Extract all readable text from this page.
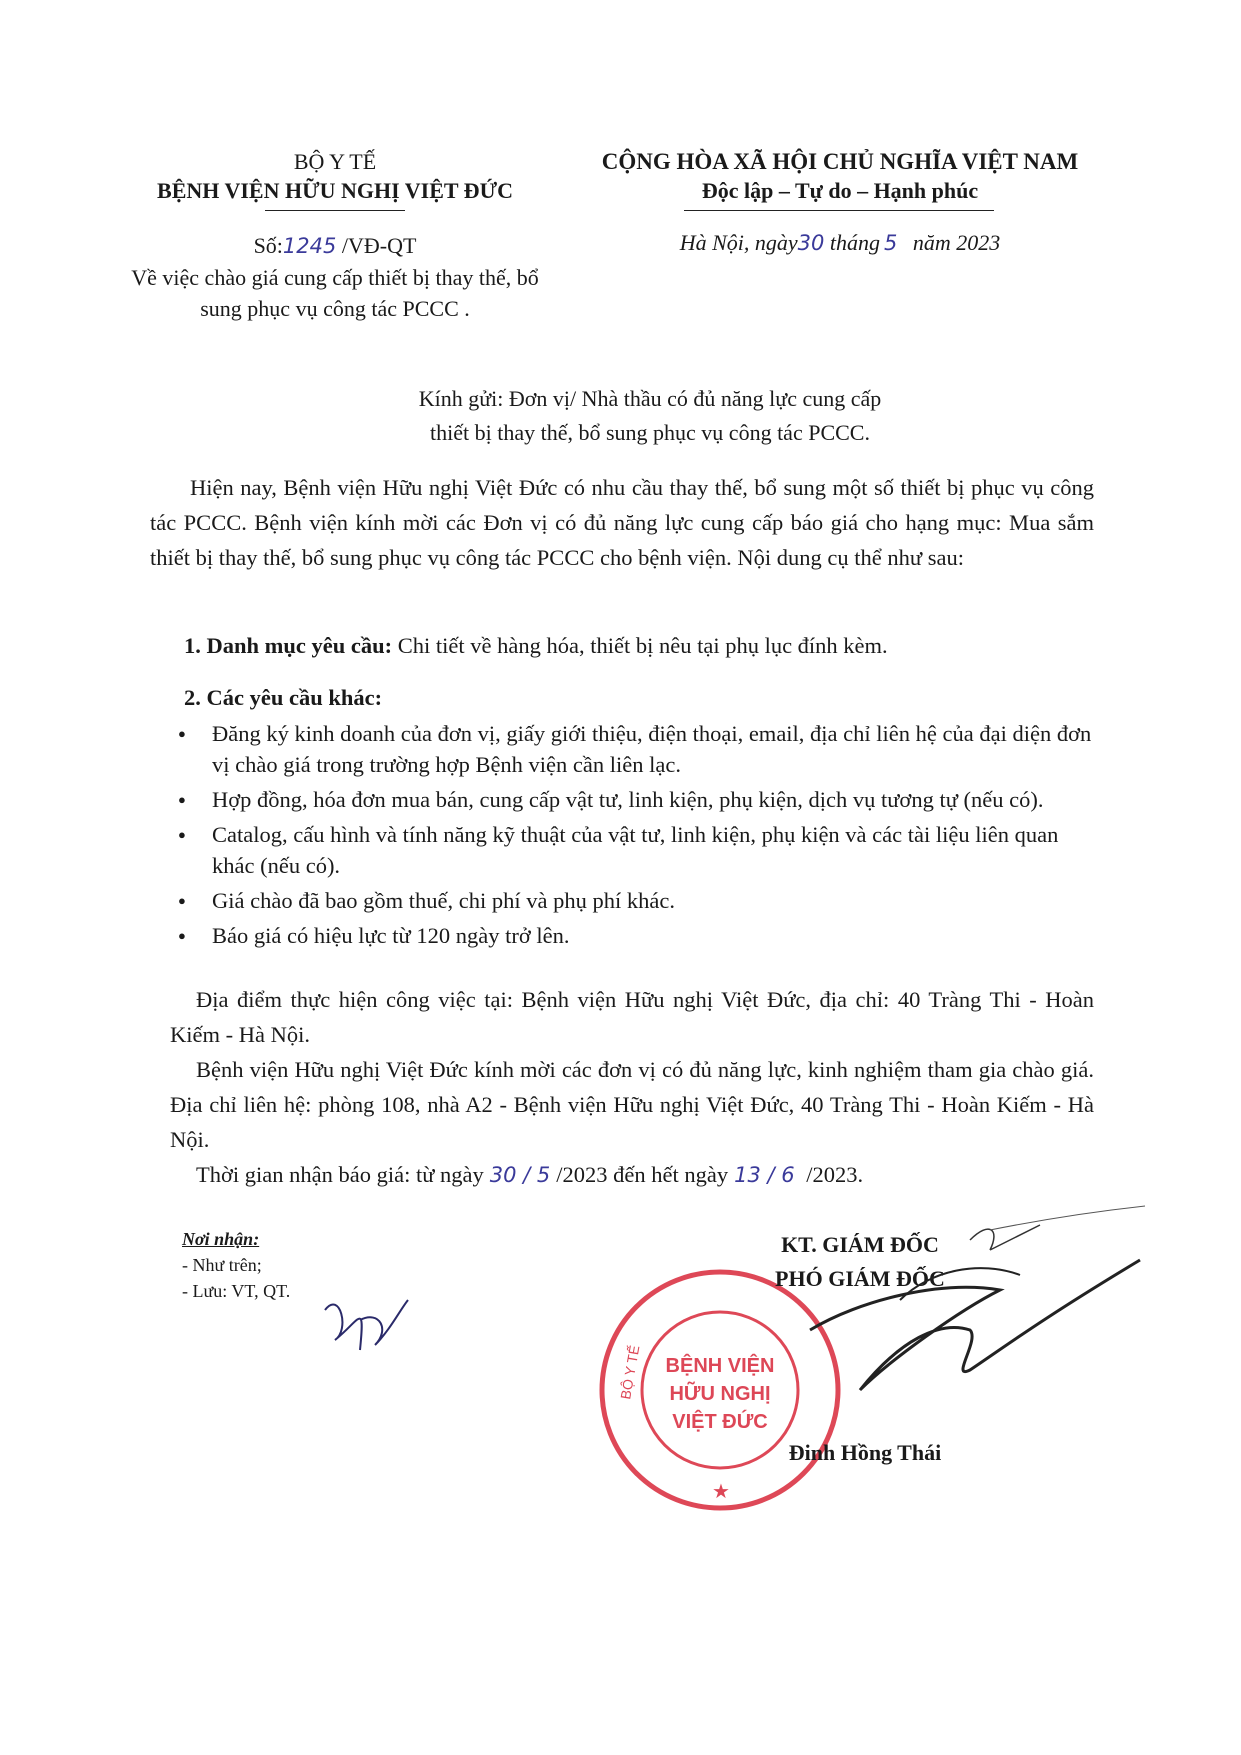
BỘ Y TẾ
BỆNH VIỆN HỮU NGHỊ VIỆT ĐỨC
Số:1245 /VĐ-QT
Về việc chào giá cung cấp thiết bị thay thế, bổ sung phục vụ công tác PCCC .
CỘNG HÒA XÃ HỘI CHỦ NGHĨA VIỆT NAM
Độc lập – Tự do – Hạnh phúc
Hà Nội, ngày30 tháng 5 năm 2023
Kính gửi: Đơn vị/ Nhà thầu có đủ năng lực cung cấp
thiết bị thay thế, bổ sung phục vụ công tác PCCC.
Hiện nay, Bệnh viện Hữu nghị Việt Đức có nhu cầu thay thế, bổ sung một số thiết bị phục vụ công tác PCCC. Bệnh viện kính mời các Đơn vị có đủ năng lực cung cấp báo giá cho hạng mục: Mua sắm thiết bị thay thế, bổ sung phục vụ công tác PCCC cho bệnh viện. Nội dung cụ thể như sau:
1. Danh mục yêu cầu: Chi tiết về hàng hóa, thiết bị nêu tại phụ lục đính kèm.
2. Các yêu cầu khác:
● Đăng ký kinh doanh của đơn vị, giấy giới thiệu, điện thoại, email, địa chỉ liên hệ của đại diện đơn vị chào giá trong trường hợp Bệnh viện cần liên lạc.
● Hợp đồng, hóa đơn mua bán, cung cấp vật tư, linh kiện, phụ kiện, dịch vụ tương tự (nếu có).
● Catalog, cấu hình và tính năng kỹ thuật của vật tư, linh kiện, phụ kiện và các tài liệu liên quan khác (nếu có).
● Giá chào đã bao gồm thuế, chi phí và phụ phí khác.
● Báo giá có hiệu lực từ 120 ngày trở lên.
Địa điểm thực hiện công việc tại: Bệnh viện Hữu nghị Việt Đức, địa chỉ: 40 Tràng Thi - Hoàn Kiếm - Hà Nội.
Bệnh viện Hữu nghị Việt Đức kính mời các đơn vị có đủ năng lực, kinh nghiệm tham gia chào giá. Địa chỉ liên hệ: phòng 108, nhà A2 - Bệnh viện Hữu nghị Việt Đức, 40 Tràng Thi - Hoàn Kiếm - Hà Nội.
Thời gian nhận báo giá: từ ngày 30 / 5 /2023 đến hết ngày 13 / 6 /2023.
Nơi nhận:
- Như trên;
- Lưu: VT, QT.
BỆNH VIỆN
HỮU NGHỊ
VIỆT ĐỨC
BỘ Y TẾ
★
KT. GIÁM ĐỐC
PHÓ GIÁM ĐỐC
Đinh Hồng Thái
